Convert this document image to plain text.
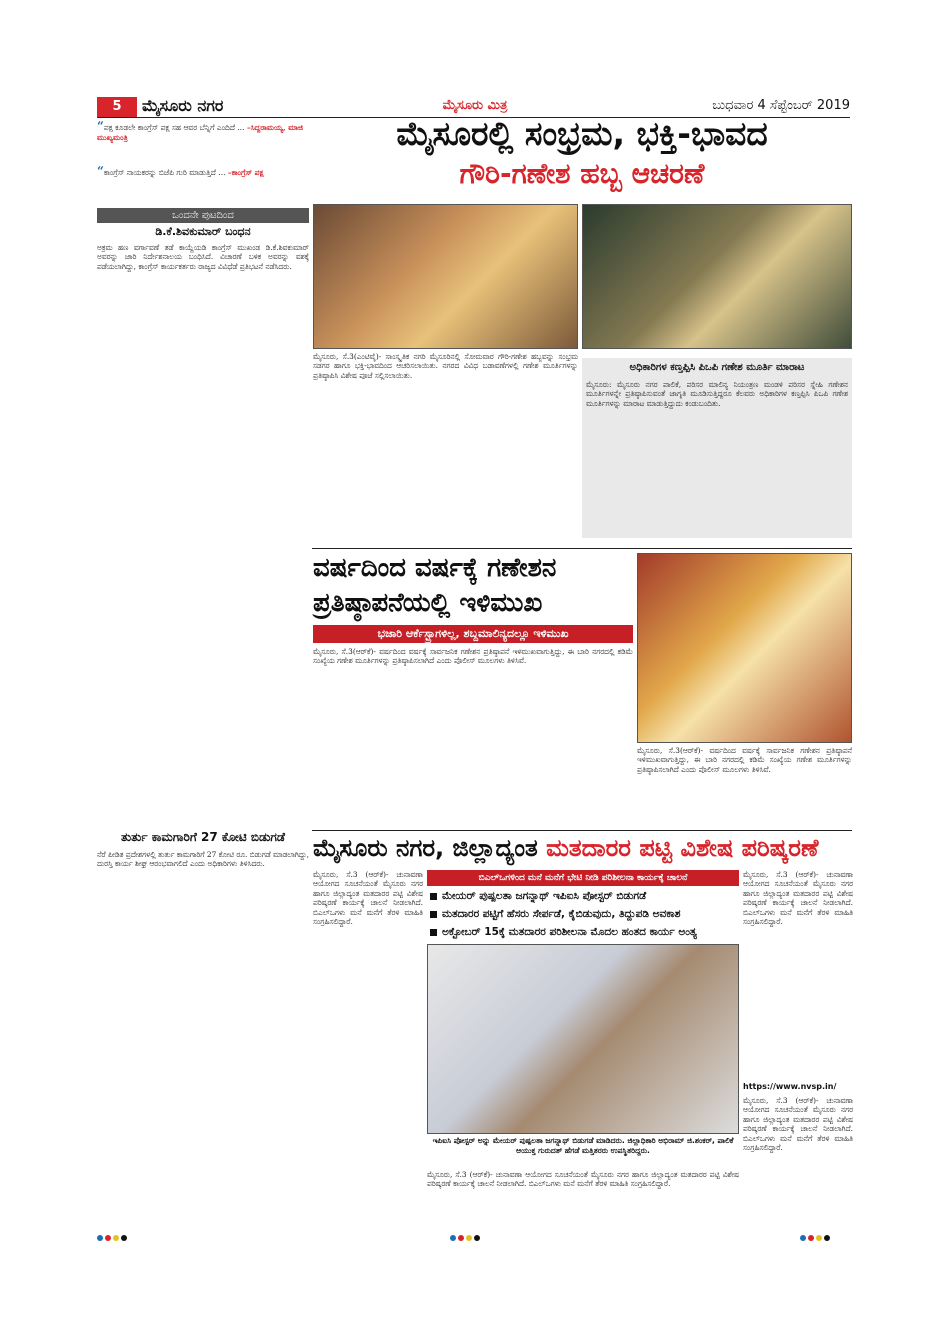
5	ಮೈಸೂರು ನಗರ	ಮೈಸೂರು ಮಿತ್ರ	ಬುಧವಾರ 4 ಸೆಪ್ಟೆಂಬರ್ 2019
“ಪಕ್ಷ ಕೂಡಲೇ ಕಾಂಗ್ರೆಸ್ ಪಕ್ಷ ಸಹ ಆವರ ಬೆನ್ನಿಗೆ ಎಂದಿದೆ ... –ಸಿದ್ದರಾಮಯ್ಯ, ಮಾಜಿ ಮುಖ್ಯಮಂತ್ರಿ
“ಕಾಂಗ್ರೆಸ್ ನಾಯಕರನ್ನು ಬಿಜೆಪಿ ಗುರಿ ಮಾಡುತ್ತಿದೆ ... –ಕಾಂಗ್ರೆಸ್ ಪಕ್ಷ
ಒಂದನೇ ಪುಟದಿಂದ
ಡಿ.ಕೆ.ಶಿವಕುಮಾರ್ ಬಂಧನ
ಅಕ್ರಮ ಹಣ ವರ್ಗಾವಣೆ ತಡೆ ಕಾಯ್ದೆಯಡಿ ಕಾಂಗ್ರೆಸ್ ಮುಖಂಡ ಡಿ.ಕೆ.ಶಿವಕುಮಾರ್ ಅವರನ್ನು ಜಾರಿ ನಿರ್ದೇಶನಾಲಯ ಬಂಧಿಸಿದೆ. ವಿಚಾರಣೆ ಬಳಿಕ ಅವರನ್ನು ವಶಕ್ಕೆ ಪಡೆಯಲಾಗಿದ್ದು, ಕಾಂಗ್ರೆಸ್ ಕಾರ್ಯಕರ್ತರು ರಾಜ್ಯದ ವಿವಿಧೆಡೆ ಪ್ರತಿಭಟನೆ ನಡೆಸಿದರು.
ತುರ್ತು ಕಾಮಗಾರಿಗೆ 27 ಕೋಟಿ ಬಿಡುಗಡೆ
ನೆರೆ ಪೀಡಿತ ಪ್ರದೇಶಗಳಲ್ಲಿ ತುರ್ತು ಕಾಮಗಾರಿಗೆ 27 ಕೋಟಿ ರೂ. ಬಿಡುಗಡೆ ಮಾಡಲಾಗಿದ್ದು, ದುರಸ್ತಿ ಕಾರ್ಯ ಶೀಘ್ರ ಆರಂಭವಾಗಲಿದೆ ಎಂದು ಅಧಿಕಾರಿಗಳು ತಿಳಿಸಿದರು.
ಮೈಸೂರಲ್ಲಿ ಸಂಭ್ರಮ, ಭಕ್ತಿ-ಭಾವದ
ಗೌರಿ-ಗಣೇಶ ಹಬ್ಬ ಆಚರಣೆ
ಮೈಸೂರು, ಸೆ.3(ಎಂಟಿವೈ)- ಸಾಂಸ್ಕೃತಿಕ ನಗರಿ ಮೈಸೂರಿನಲ್ಲಿ ಸೋಮವಾರ ಗೌರಿ-ಗಣೇಶ ಹಬ್ಬವನ್ನು ಸಂಭ್ರಮ ಸಡಗರ ಹಾಗೂ ಭಕ್ತಿ-ಭಾವದಿಂದ ಆಚರಿಸಲಾಯಿತು. ನಗರದ ವಿವಿಧ ಬಡಾವಣೆಗಳಲ್ಲಿ ಗಣೇಶ ಮೂರ್ತಿಗಳನ್ನು ಪ್ರತಿಷ್ಠಾಪಿಸಿ ವಿಶೇಷ ಪೂಜೆ ಸಲ್ಲಿಸಲಾಯಿತು.
ಅಧಿಕಾರಿಗಳ ಕಣ್ತಪ್ಪಿಸಿ ಪಿಒಪಿ ಗಣೇಶ ಮೂರ್ತಿ ಮಾರಾಟ
ಮೈಸೂರು: ಮೈಸೂರು ನಗರ ಪಾಲಿಕೆ, ಪರಿಸರ ಮಾಲಿನ್ಯ ನಿಯಂತ್ರಣ ಮಂಡಳಿ ಪರಿಸರ ಸ್ನೇಹಿ ಗಣೇಶನ ಮೂರ್ತಿಗಳನ್ನೇ ಪ್ರತಿಷ್ಠಾಪಿಸುವಂತೆ ಜಾಗೃತಿ ಮೂಡಿಸುತ್ತಿದ್ದರೂ ಕೆಲವರು ಅಧಿಕಾರಿಗಳ ಕಣ್ತಪ್ಪಿಸಿ ಪಿಒಪಿ ಗಣೇಶ ಮೂರ್ತಿಗಳನ್ನು ಮಾರಾಟ ಮಾಡುತ್ತಿದ್ದುದು ಕಂಡುಬಂದಿತು.
ವರ್ಷದಿಂದ ವರ್ಷಕ್ಕೆ ಗಣೇಶನ
ಪ್ರತಿಷ್ಠಾಪನೆಯಲ್ಲಿ ಇಳಿಮುಖ
ಭಜಾರಿ ಆರ್ಕೆಸ್ಟ್ರಾಗಳಿಲ್ಲ, ಶಬ್ದಮಾಲಿನ್ಯದಲ್ಲೂ ಇಳಿಮುಖ
ಮೈಸೂರು, ಸೆ.3(ಆರ್‌ಕೆ)- ವರ್ಷದಿಂದ ವರ್ಷಕ್ಕೆ ಸಾರ್ವಜನಿಕ ಗಣೇಶನ ಪ್ರತಿಷ್ಠಾಪನೆ ಇಳಿಮುಖವಾಗುತ್ತಿದ್ದು, ಈ ಬಾರಿ ನಗರದಲ್ಲಿ ಕಡಿಮೆ ಸಂಖ್ಯೆಯ ಗಣೇಶ ಮೂರ್ತಿಗಳನ್ನು ಪ್ರತಿಷ್ಠಾಪಿಸಲಾಗಿದೆ ಎಂದು ಪೊಲೀಸ್ ಮೂಲಗಳು ತಿಳಿಸಿವೆ.
ಮೈಸೂರು, ಸೆ.3(ಆರ್‌ಕೆ)- ವರ್ಷದಿಂದ ವರ್ಷಕ್ಕೆ ಸಾರ್ವಜನಿಕ ಗಣೇಶನ ಪ್ರತಿಷ್ಠಾಪನೆ ಇಳಿಮುಖವಾಗುತ್ತಿದ್ದು, ಈ ಬಾರಿ ನಗರದಲ್ಲಿ ಕಡಿಮೆ ಸಂಖ್ಯೆಯ ಗಣೇಶ ಮೂರ್ತಿಗಳನ್ನು ಪ್ರತಿಷ್ಠಾಪಿಸಲಾಗಿದೆ ಎಂದು ಪೊಲೀಸ್ ಮೂಲಗಳು ತಿಳಿಸಿವೆ.
ಮೈಸೂರು ನಗರ, ಜಿಲ್ಲಾದ್ಯಂತ ಮತದಾರರ ಪಟ್ಟಿ ವಿಶೇಷ ಪರಿಷ್ಕರಣೆ
ಮೈಸೂರು, ಸೆ.3 (ಆರ್‌ಕೆ)- ಚುನಾವಣಾ ಆಯೋಗದ ಸೂಚನೆಯಂತೆ ಮೈಸೂರು ನಗರ ಹಾಗೂ ಜಿಲ್ಲಾದ್ಯಂತ ಮತದಾರರ ಪಟ್ಟಿ ವಿಶೇಷ ಪರಿಷ್ಕರಣೆ ಕಾರ್ಯಕ್ಕೆ ಚಾಲನೆ ನೀಡಲಾಗಿದೆ. ಬಿಎಲ್‌ಒಗಳು ಮನೆ ಮನೆಗೆ ತೆರಳಿ ಮಾಹಿತಿ ಸಂಗ್ರಹಿಸಲಿದ್ದಾರೆ.
ಬಿಎಲ್‌ಒಗಳಿಂದ ಮನೆ ಮನೆಗೆ ಭೇಟಿ ನೀಡಿ ಪರಿಶೀಲನಾ ಕಾರ್ಯಕ್ಕೆ ಚಾಲನೆ
ಮೇಯರ್ ಪುಷ್ಪಲತಾ ಜಗನ್ನಾಥ್ ಇಪಿಐಸಿ ಪೋಸ್ಟರ್ ಬಿಡುಗಡೆ
ಮತದಾರರ ಪಟ್ಟಿಗೆ ಹೆಸರು ಸೇರ್ಪಡೆ, ಕೈಬಿಡುವುದು, ತಿದ್ದುಪಡಿ ಅವಕಾಶ
ಅಕ್ಟೋಬರ್ 15ಕ್ಕೆ ಮತದಾರರ ಪರಿಶೀಲನಾ ಮೊದಲ ಹಂತದ ಕಾರ್ಯ ಅಂತ್ಯ
ಇಪಿಐಸಿ ಪೋಸ್ಟರ್ ಅನ್ನು ಮೇಯರ್ ಪುಷ್ಪಲತಾ ಜಗನ್ನಾಥ್ ಬಿಡುಗಡೆ ಮಾಡಿದರು. ಜಿಲ್ಲಾಧಿಕಾರಿ ಅಭಿರಾಮ್ ಜಿ.ಶಂಕರ್, ಪಾಲಿಕೆ ಆಯುಕ್ತ ಗುರುದತ್ ಹೆಗಡೆ ಮತ್ತಿತರರು ಉಪಸ್ಥಿತರಿದ್ದರು.
ಮೈಸೂರು, ಸೆ.3 (ಆರ್‌ಕೆ)- ಚುನಾವಣಾ ಆಯೋಗದ ಸೂಚನೆಯಂತೆ ಮೈಸೂರು ನಗರ ಹಾಗೂ ಜಿಲ್ಲಾದ್ಯಂತ ಮತದಾರರ ಪಟ್ಟಿ ವಿಶೇಷ ಪರಿಷ್ಕರಣೆ ಕಾರ್ಯಕ್ಕೆ ಚಾಲನೆ ನೀಡಲಾಗಿದೆ. ಬಿಎಲ್‌ಒಗಳು ಮನೆ ಮನೆಗೆ ತೆರಳಿ ಮಾಹಿತಿ ಸಂಗ್ರಹಿಸಲಿದ್ದಾರೆ.
ಮೈಸೂರು, ಸೆ.3 (ಆರ್‌ಕೆ)- ಚುನಾವಣಾ ಆಯೋಗದ ಸೂಚನೆಯಂತೆ ಮೈಸೂರು ನಗರ ಹಾಗೂ ಜಿಲ್ಲಾದ್ಯಂತ ಮತದಾರರ ಪಟ್ಟಿ ವಿಶೇಷ ಪರಿಷ್ಕರಣೆ ಕಾರ್ಯಕ್ಕೆ ಚಾಲನೆ ನೀಡಲಾಗಿದೆ. ಬಿಎಲ್‌ಒಗಳು ಮನೆ ಮನೆಗೆ ತೆರಳಿ ಮಾಹಿತಿ ಸಂಗ್ರಹಿಸಲಿದ್ದಾರೆ.
https://www.nvsp.in/
ಮೈಸೂರು, ಸೆ.3 (ಆರ್‌ಕೆ)- ಚುನಾವಣಾ ಆಯೋಗದ ಸೂಚನೆಯಂತೆ ಮೈಸೂರು ನಗರ ಹಾಗೂ ಜಿಲ್ಲಾದ್ಯಂತ ಮತದಾರರ ಪಟ್ಟಿ ವಿಶೇಷ ಪರಿಷ್ಕರಣೆ ಕಾರ್ಯಕ್ಕೆ ಚಾಲನೆ ನೀಡಲಾಗಿದೆ. ಬಿಎಲ್‌ಒಗಳು ಮನೆ ಮನೆಗೆ ತೆರಳಿ ಮಾಹಿತಿ ಸಂಗ್ರಹಿಸಲಿದ್ದಾರೆ.
